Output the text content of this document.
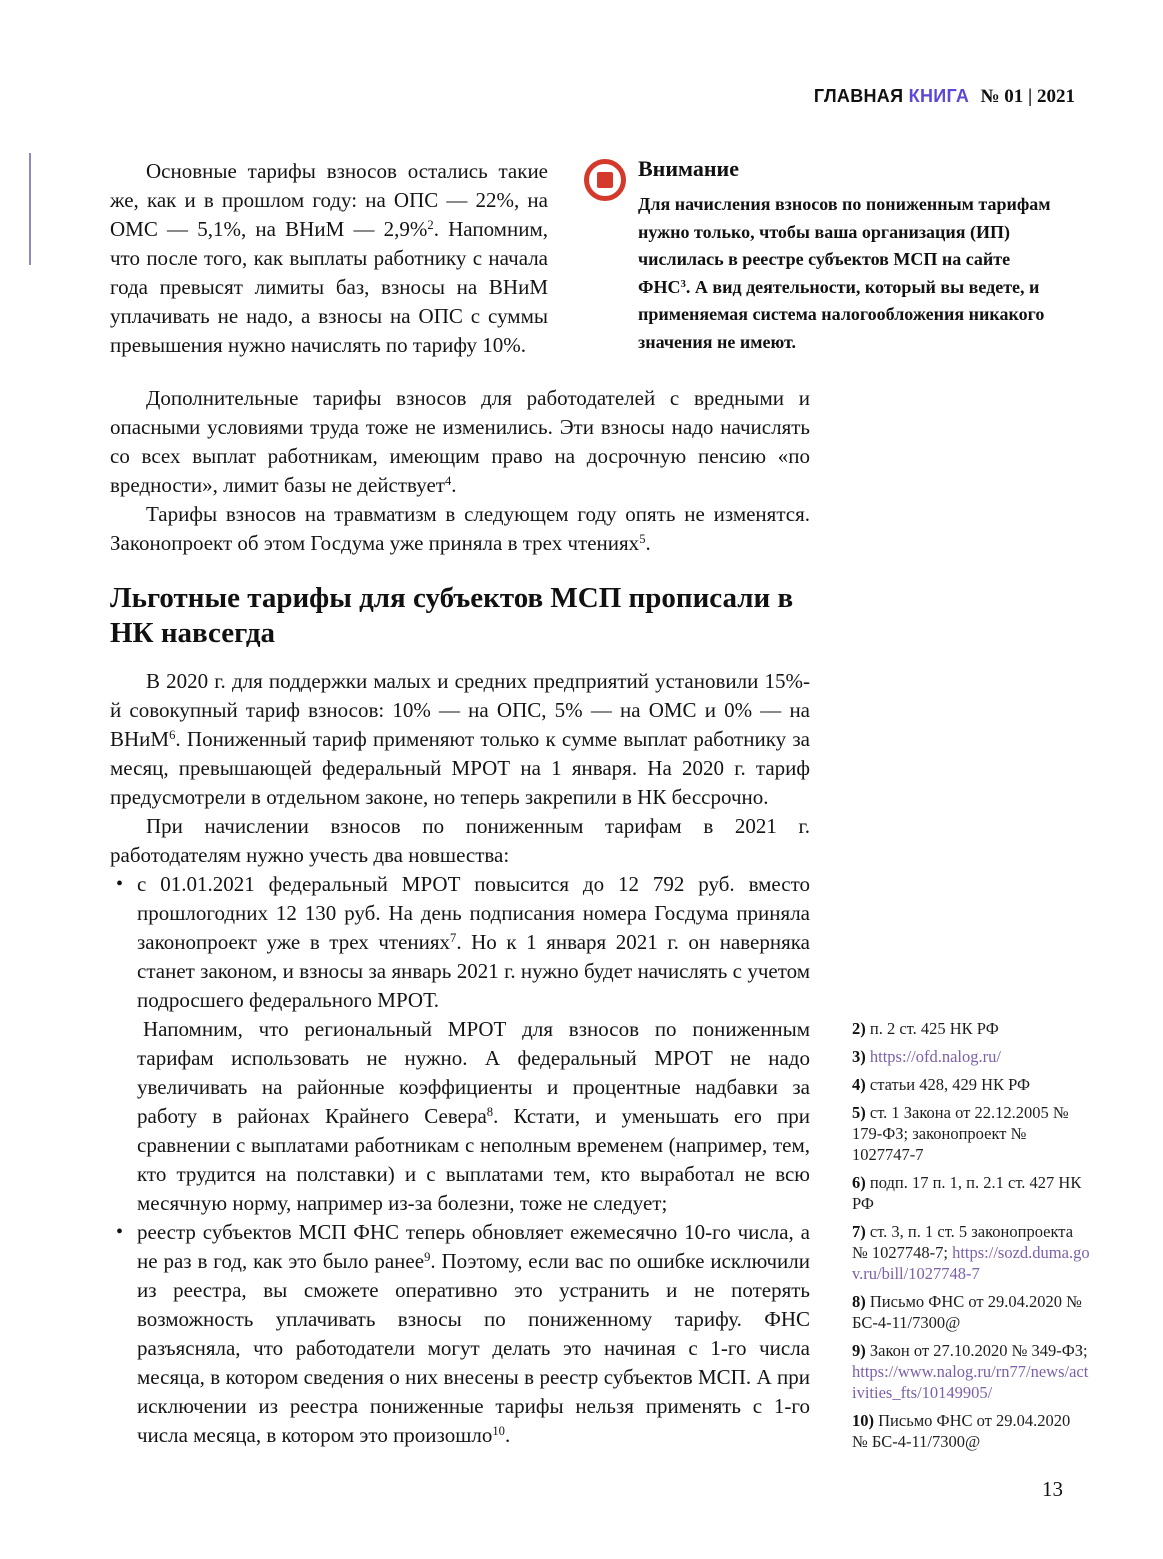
ГЛАВНАЯ КНИГА № 01 | 2021
Основные тарифы взносов остались такие же, как и в прошлом году: на ОПС — 22%, на ОМС — 5,1%, на ВНиМ — 2,9%$^2$. Напомним, что после того, как выплаты работнику с начала года превысят лимиты баз, взносы на ВНиМ уплачивать не надо, а взносы на ОПС с суммы превышения нужно начислять по тарифу 10%.
Внимание
Для начисления взносов по пониженным тарифам нужно только, чтобы ваша организация (ИП) числилась в реестре субъектов МСП на сайте ФНС$^3$. А вид деятельности, который вы ведете, и применяемая система налогообложения никакого значения не имеют.
Дополнительные тарифы взносов для работодателей с вредными и опасными условиями труда тоже не изменились. Эти взносы надо начислять со всех выплат работникам, имеющим право на досрочную пенсию «по вредности», лимит базы не действует$^4$.
Тарифы взносов на травматизм в следующем году опять не изменятся. Законопроект об этом Госдума уже приняла в трех чтениях$^5$.
Льготные тарифы для субъектов МСП прописали в НК навсегда
В 2020 г. для поддержки малых и средних предприятий установили 15%-й совокупный тариф взносов: 10% — на ОПС, 5% — на ОМС и 0% — на ВНиМ$^6$. Пониженный тариф применяют только к сумме выплат работнику за месяц, превышающей федеральный МРОТ на 1 января. На 2020 г. тариф предусмотрели в отдельном законе, но теперь закрепили в НК бессрочно.
При начислении взносов по пониженным тарифам в 2021 г. работодателям нужно учесть два новшества:
• с 01.01.2021 федеральный МРОТ повысится до 12 792 руб. вместо прошлогодних 12 130 руб. На день подписания номера Госдума приняла законопроект уже в трех чтениях$^7$. Но к 1 января 2021 г. он наверняка станет законом, и взносы за январь 2021 г. нужно будет начислять с учетом подросшего федерального МРОТ.
Напомним, что региональный МРОТ для взносов по пониженным тарифам использовать не нужно. А федеральный МРОТ не надо увеличивать на районные коэффициенты и процентные надбавки за работу в районах Крайнего Севера$^8$. Кстати, и уменьшать его при сравнении с выплатами работникам с неполным временем (например, тем, кто трудится на полставки) и с выплатами тем, кто выработал не всю месячную норму, например из-за болезни, тоже не следует;
• реестр субъектов МСП ФНС теперь обновляет ежемесячно 10-го числа, а не раз в год, как это было ранее$^9$. Поэтому, если вас по ошибке исключили из реестра, вы сможете оперативно это устранить и не потерять возможность уплачивать взносы по пониженному тарифу. ФНС разъясняла, что работодатели могут делать это начиная с 1-го числа месяца, в котором сведения о них внесены в реестр субъектов МСП. А при исключении из реестра пониженные тарифы нельзя применять с 1-го числа месяца, в котором это произошло$^{10}$.
2) п. 2 ст. 425 НК РФ
3) https://ofd.nalog.ru/
4) статьи 428, 429 НК РФ
5) ст. 1 Закона от 22.12.2005 № 179-ФЗ; законопроект № 1027747-7
6) подп. 17 п. 1, п. 2.1 ст. 427 НК РФ
7) ст. 3, п. 1 ст. 5 законопроекта № 1027748-7; https://sozd.duma.gov.ru/bill/1027748-7
8) Письмо ФНС от 29.04.2020 № БС-4-11/7300@
9) Закон от 27.10.2020 № 349-ФЗ; https://www.nalog.ru/rn77/news/activities_fts/10149905/
10) Письмо ФНС от 29.04.2020 № БС-4-11/7300@
13
